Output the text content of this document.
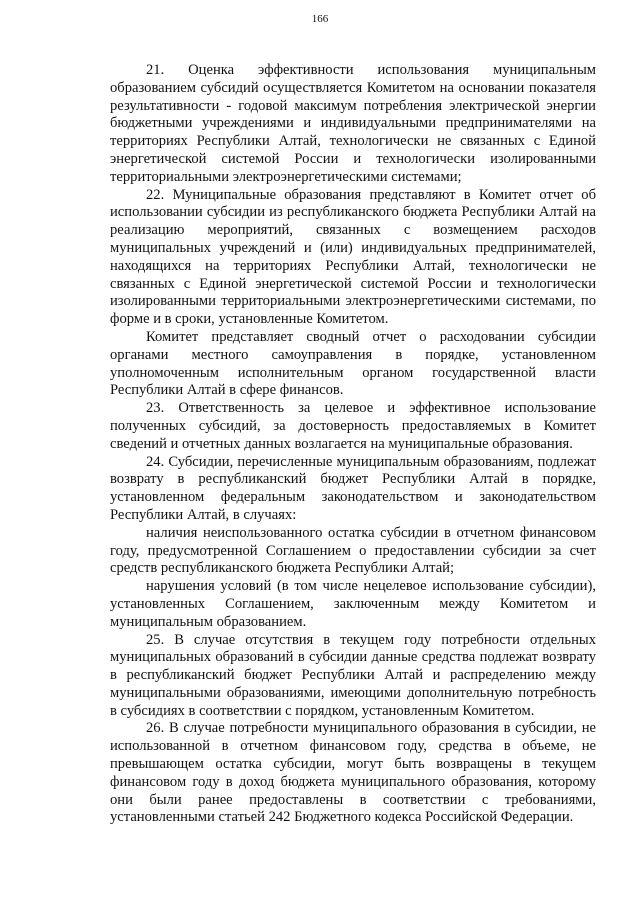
166

21. Оценка эффективности использования муниципальным образованием субсидий осуществляется Комитетом на основании показателя результативности - годовой максимум потребления электрической энергии бюджетными учреждениями и индивидуальными предпринимателями на территориях Республики Алтай, технологически не связанных с Единой энергетической системой России и технологически изолированными территориальными электроэнергетическими системами;

22. Муниципальные образования представляют в Комитет отчет об использовании субсидии из республиканского бюджета Республики Алтай на реализацию мероприятий, связанных с возмещением расходов муниципальных учреждений и (или) индивидуальных предпринимателей, находящихся на территориях Республики Алтай, технологически не связанных с Единой энергетической системой России и технологически изолированными территориальными электроэнергетическими системами, по форме и в сроки, установленные Комитетом.

Комитет представляет сводный отчет о расходовании субсидии органами местного самоуправления в порядке, установленном уполномоченным исполнительным органом государственной власти Республики Алтай в сфере финансов.

23. Ответственность за целевое и эффективное использование полученных субсидий, за достоверность предоставляемых в Комитет сведений и отчетных данных возлагается на муниципальные образования.

24. Субсидии, перечисленные муниципальным образованиям, подлежат возврату в республиканский бюджет Республики Алтай в порядке, установленном федеральным законодательством и законодательством Республики Алтай, в случаях:

наличия неиспользованного остатка субсидии в отчетном финансовом году, предусмотренной Соглашением о предоставлении субсидии за счет средств республиканского бюджета Республики Алтай;

нарушения условий (в том числе нецелевое использование субсидии), установленных Соглашением, заключенным между Комитетом и муниципальным образованием.

25. В случае отсутствия в текущем году потребности отдельных муниципальных образований в субсидии данные средства подлежат возврату в республиканский бюджет Республики Алтай и распределению между муниципальными образованиями, имеющими дополнительную потребность в субсидиях в соответствии с порядком, установленным Комитетом.

26. В случае потребности муниципального образования в субсидии, не использованной в отчетном финансовом году, средства в объеме, не превышающем остатка субсидии, могут быть возвращены в текущем финансовом году в доход бюджета муниципального образования, которому они были ранее предоставлены в соответствии с требованиями, установленными статьей 242 Бюджетного кодекса Российской Федерации.
